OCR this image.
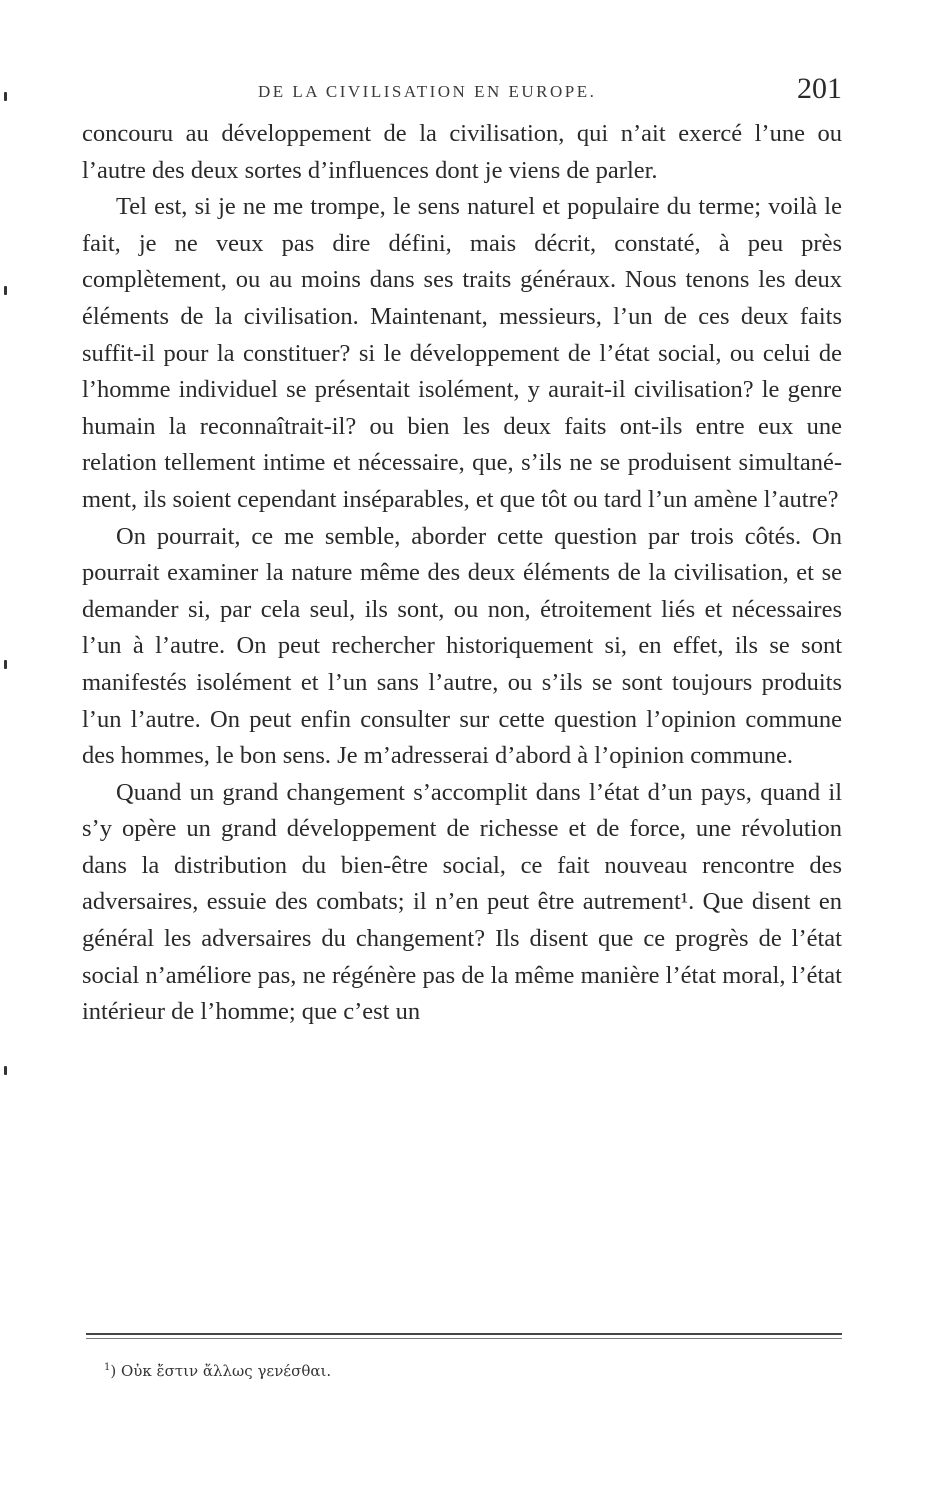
DE LA CIVILISATION EN EUROPE.	201

concouru au développement de la civilisation, qui n’ait exercé l’une ou l’autre des deux sortes d’influences dont je viens de parler.

Tel est, si je ne me trompe, le sens naturel et populaire du terme; voilà le fait, je ne veux pas dire défini, mais décrit, constaté, à peu près complètement, ou au moins dans ses traits généraux. Nous tenons les deux éléments de la civilisation. Maintenant, messieurs, l’un de ces deux faits suffit-il pour la constituer? si le développement de l’état social, ou celui de l’homme individuel se présentait isolément, y aurait-il civilisation? le genre humain la reconnaîtrait-il? ou bien les deux faits ont-ils entre eux une relation tellement intime et nécessaire, que, s’ils ne se produisent simultanément, ils soient cependant inséparables, et que tôt ou tard l’un amène l’autre?

On pourrait, ce me semble, aborder cette question par trois côtés. On pourrait examiner la nature même des deux éléments de la civilisation, et se demander si, par cela seul, ils sont, ou non, étroitement liés et nécessaires l’un à l’autre. On peut rechercher historiquement si, en effet, ils se sont manifestés isolément et l’un sans l’autre, ou s’ils se sont toujours produits l’un l’autre. On peut enfin consulter sur cette question l’opinion commune des hommes, le bon sens. Je m’adresserai d’abord à l’opinion commune.

Quand un grand changement s’accomplit dans l’état d’un pays, quand il s’y opère un grand développement de richesse et de force, une révolution dans la distribution du bien-être social, ce fait nouveau rencontre des adversaires, essuie des combats; il n’en peut être autrement¹. Que disent en général les adversaires du changement? Ils disent que ce progrès de l’état social n’améliore pas, ne régénère pas de la même manière l’état moral, l’état intérieur de l’homme; que c’est un

$^1$) Οὐκ ἔστιν ἄλλως γενέσθαι.
